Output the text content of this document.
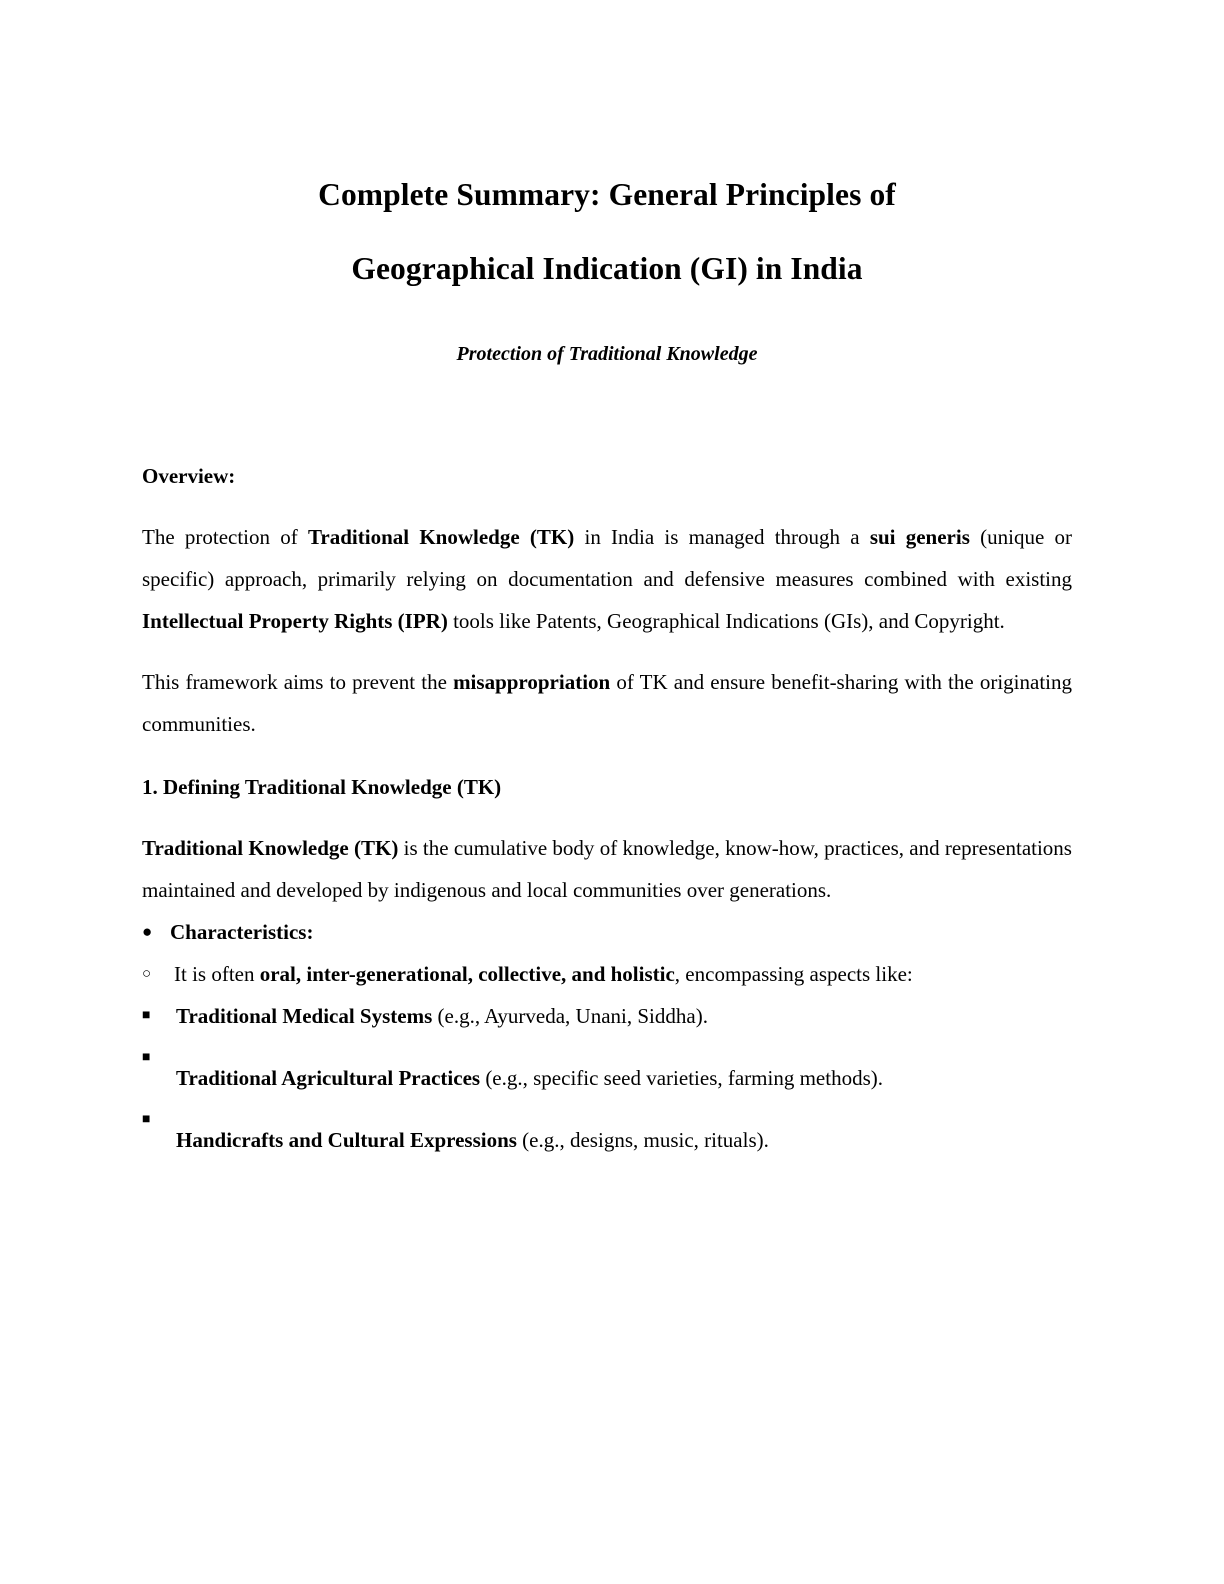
Complete Summary: General Principles of
Geographical Indication (GI) in India
Protection of Traditional Knowledge
Overview:

The protection of Traditional Knowledge (TK) in India is managed through a sui generis (unique or specific) approach, primarily relying on documentation and defensive measures combined with existing Intellectual Property Rights (IPR) tools like Patents, Geographical Indications (GIs), and Copyright.

This framework aims to prevent the misappropriation of TK and ensure benefit-sharing with the originating communities.

1. Defining Traditional Knowledge (TK)

Traditional Knowledge (TK) is the cumulative body of knowledge, know-how, practices, and representations maintained and developed by indigenous and local communities over generations.

● Characteristics:
○	It is often oral, inter-generational, collective, and holistic, encompassing aspects like:
■	Traditional Medical Systems (e.g., Ayurveda, Unani, Siddha).
■
Traditional Agricultural Practices (e.g., specific seed varieties, farming methods).
■
Handicrafts and Cultural Expressions (e.g., designs, music, rituals).
